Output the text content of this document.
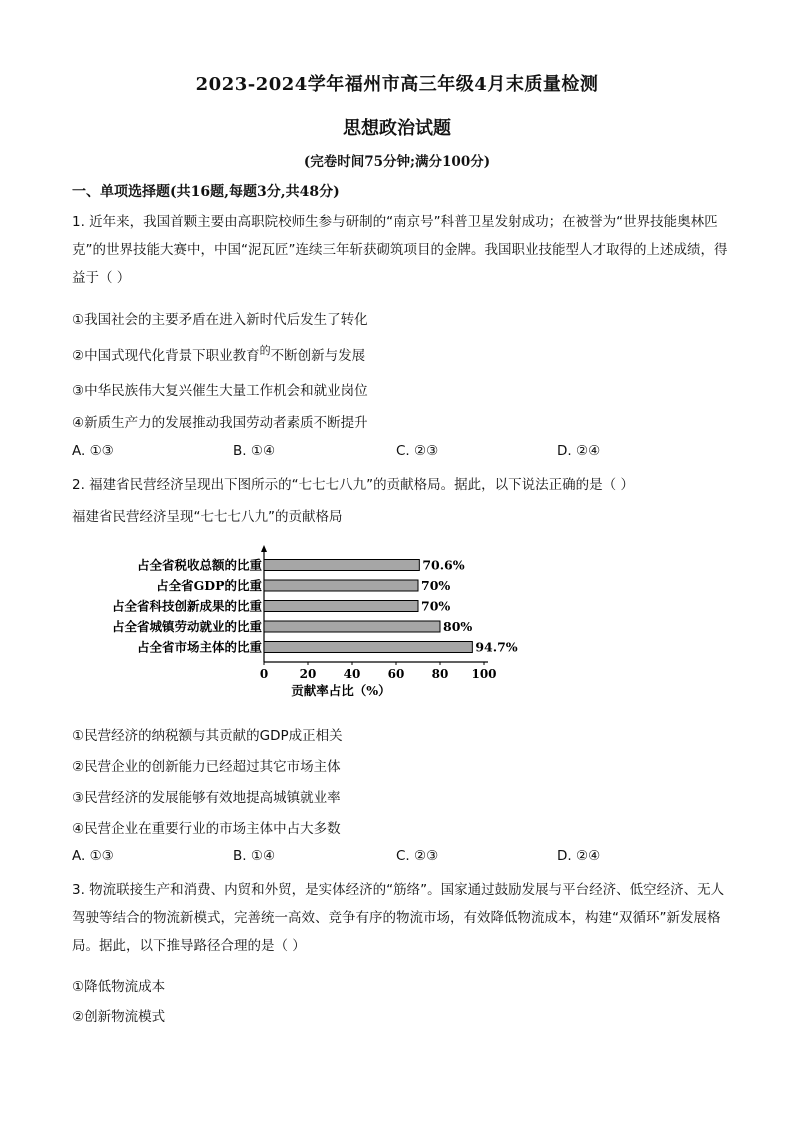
2023-2024学年福州市高三年级4月末质量检测
思想政治试题
(完卷时间75分钟;满分100分)
一、单项选择题(共16题,每题3分,共48分)
1. 近年来，我国首颗主要由高职院校师生参与研制的“南京号”科普卫星发射成功；在被誉为“世界技能奥林匹克”的世界技能大赛中，中国“泥瓦匠”连续三年斩获砌筑项目的金牌。我国职业技能型人才取得的上述成绩，得益于（ ）
①我国社会的主要矛盾在进入新时代后发生了转化
②中国式现代化背景下职业教育$^的$不断创新与发展
③中华民族伟大复兴催生大量工作机会和就业岗位
④新质生产力的发展推动我国劳动者素质不断提升
A. ①③	B. ①④	C. ②③	D. ②④
2. 福建省民营经济呈现出下图所示的“七七七八九”的贡献格局。据此，以下说法正确的是（ ）
福建省民营经济呈现“七七七八九”的贡献格局
占全省税收总额的比重	70.6%
占全省GDP的比重	70%
占全省科技创新成果的比重	70%
占全省城镇劳动就业的比重	80%
占全省市场主体的比重	94.7%
0	20 40 60 80 100
贡献率占比（%）
①民营经济的纳税额与其贡献的GDP成正相关
②民营企业的创新能力已经超过其它市场主体
③民营经济的发展能够有效地提高城镇就业率
④民营企业在重要行业的市场主体中占大多数
A. ①③	B. ①④	C. ②③	D. ②④
3. 物流联接生产和消费、内贸和外贸，是实体经济的“筋络”。国家通过鼓励发展与平台经济、低空经济、无人驾驶等结合的物流新模式，完善统一高效、竞争有序的物流市场，有效降低物流成本，构建“双循环”新发展格局。据此，以下推导路径合理的是（ ）
①降低物流成本
②创新物流模式
